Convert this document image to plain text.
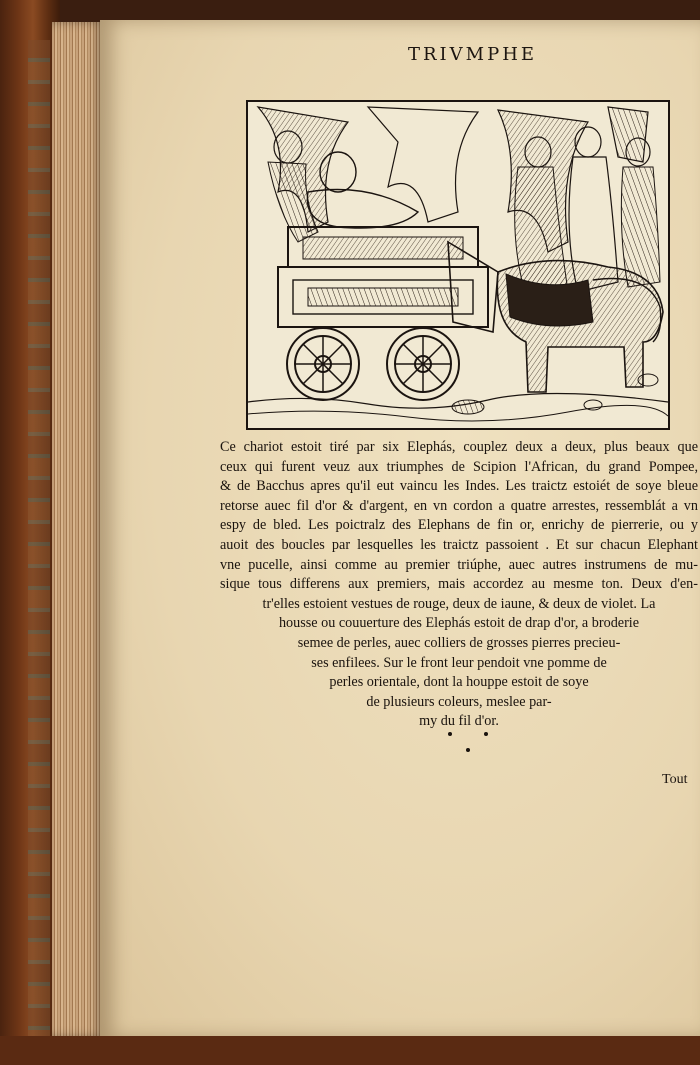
TRIVMPHE
Ce chariot estoit tiré par six Elephás, couplez deux a deux, plus beaux que
ceux qui furent veuz aux triumphes de Scipion l'African, du grand Pompee,
& de Bacchus apres qu'il eut vaincu les Indes. Les traictz estoiét de soye bleue
retorse auec fil d'or & d'argent, en vn cordon a quatre arrestes, ressemblát a vn
espy de bled. Les poictralz des Elephans de fin or, enrichy de pierrerie, ou y
auoit des boucles par lesquelles les traictz passoient . Et sur chacun Elephant
vne pucelle, ainsi comme au premier triúphe, auec autres instrumens de mu-
sique tous differens aux premiers, mais accordez au mesme ton. Deux d'en-
tr'elles estoient vestues de rouge, deux de iaune, & deux de violet. La
housse ou couuerture des Elephás estoit de drap d'or, a broderie
semee de perles, auec colliers de grosses pierres precieu-
ses enfilees. Sur le front leur pendoit vne pomme de
perles orientale, dont la houppe estoit de soye
de plusieurs coleurs, meslee par-
my du fil d'or.
Tout
